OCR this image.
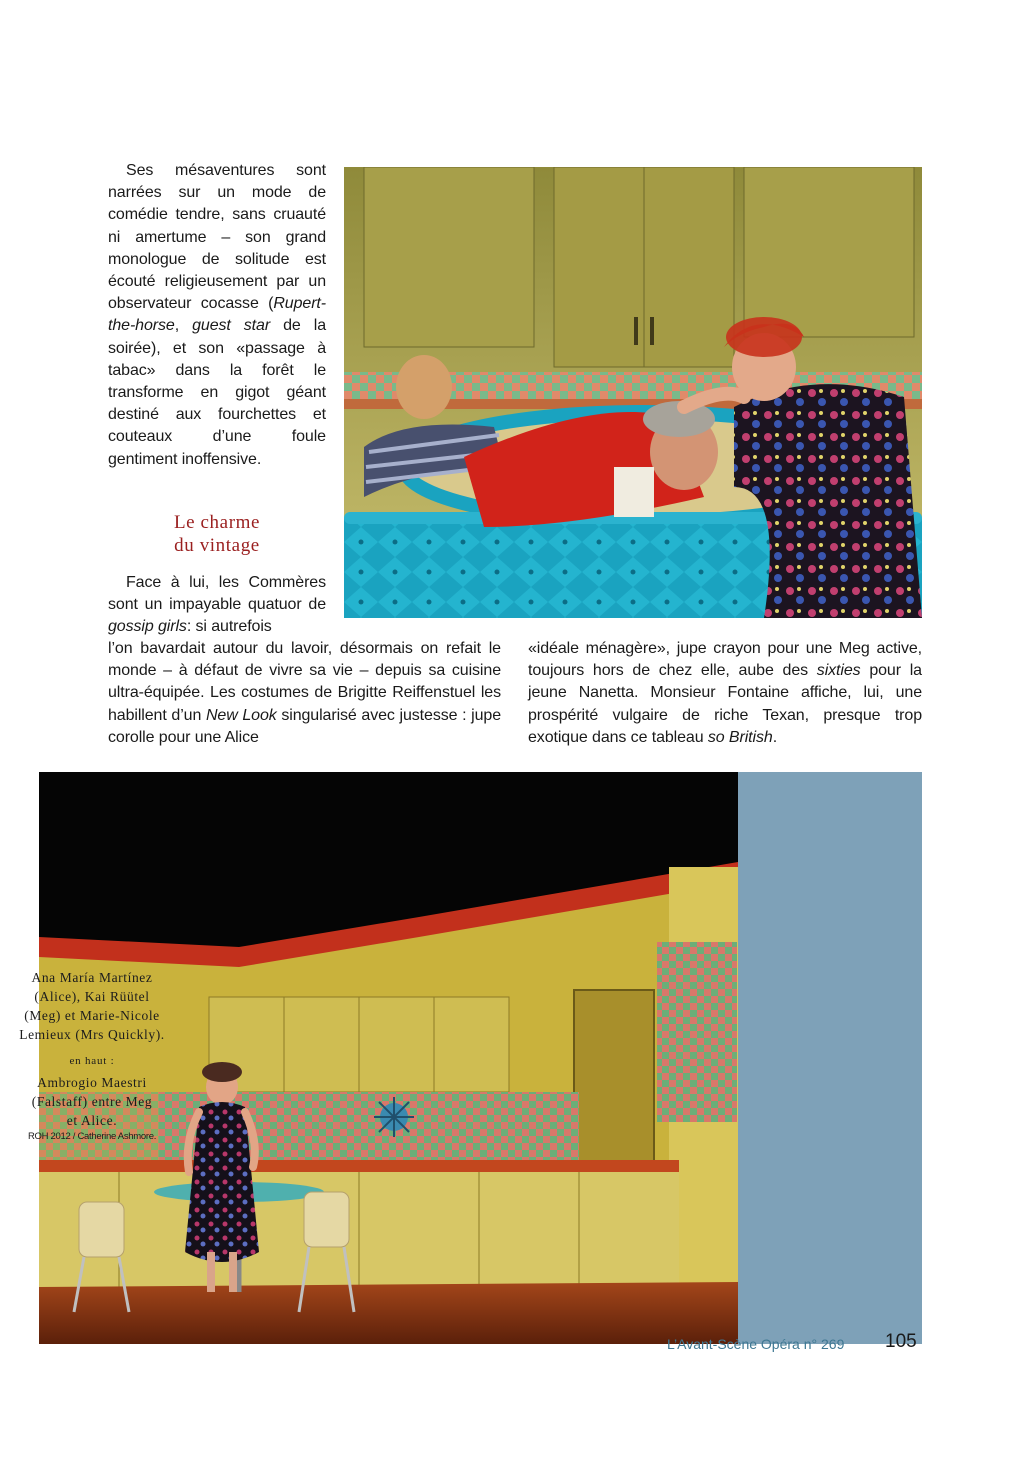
Ses mésaventures sont narrées sur un mode de comédie tendre, sans cruauté ni amertume – son grand monologue de solitude est écouté religieusement par un observateur cocasse (Rupert-the-horse, guest star de la soirée), et son «passage à tabac» dans la forêt le transforme en gigot géant destiné aux fourchettes et couteaux d’une foule gentiment inoffensive.

Le charme
du vintage

Face à lui, les Commères sont un impayable quatuor de gossip girls: si autrefois

l’on bavardait autour du lavoir, désormais on refait le monde – à défaut de vivre sa vie – depuis sa cuisine ultra-équipée. Les costumes de Brigitte Reiffenstuel les habillent d’un New Look singularisé avec justesse : jupe corolle pour une Alice

«idéale ménagère», jupe crayon pour une Meg active, toujours hors de chez elle, aube des sixties pour la jeune Nanetta. Monsieur Fontaine affiche, lui, une prospérité vulgaire de riche Texan, presque trop exotique dans ce tableau so British.

Ana María Martínez
(Alice), Kai Rüütel
(Meg) et Marie-Nicole
Lemieux (Mrs Quickly).
en haut :
Ambrogio Maestri
(Falstaff) entre Meg
et Alice.
ROH 2012 / Catherine Ashmore.
L’Avant-Scène Opéra n° 269 105
